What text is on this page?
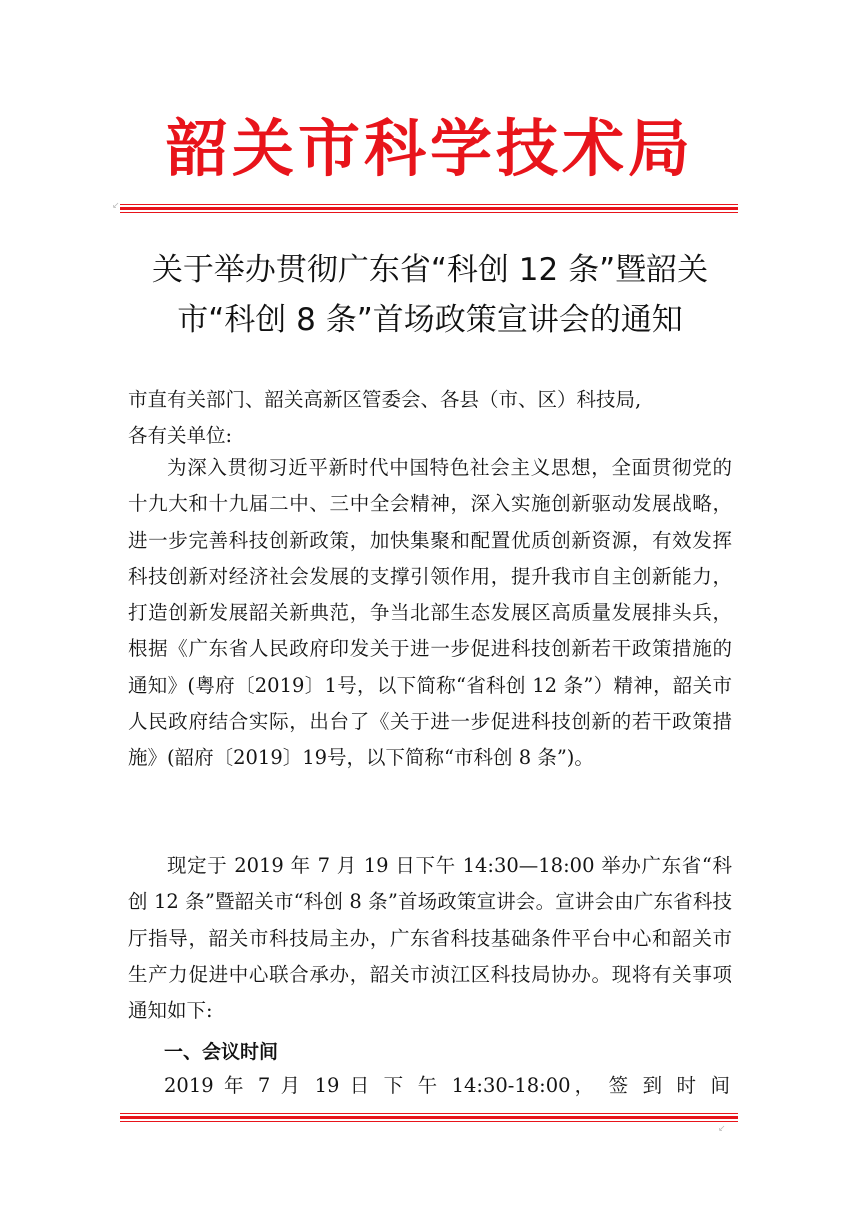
韶关市科学技术局
↙
关于举办贯彻广东省“科创 12 条”暨韶关
市“科创 8 条”首场政策宣讲会的通知
市直有关部门、韶关高新区管委会、各县（市、区）科技局,
各有关单位:
为深入贯彻习近平新时代中国特色社会主义思想，全面贯彻党的十九大和十九届二中、三中全会精神，深入实施创新驱动发展战略，进一步完善科技创新政策，加快集聚和配置优质创新资源，有效发挥科技创新对经济社会发展的支撑引领作用，提升我市自主创新能力，打造创新发展韶关新典范，争当北部生态发展区高质量发展排头兵，根据《广东省人民政府印发关于进一步促进科技创新若干政策措施的通知》(粤府〔2019〕1号，以下简称“省科创 12 条”）精神，韶关市人民政府结合实际，出台了《关于进一步促进科技创新的若干政策措施》(韶府〔2019〕19号，以下简称“市科创 8 条”)。
现定于 2019 年 7 月 19 日下午 14:30—18:00 举办广东省“科创 12 条”暨韶关市“科创 8 条”首场政策宣讲会。宣讲会由广东省科技厅指导，韶关市科技局主办，广东省科技基础条件平台中心和韶关市生产力促进中心联合承办，韶关市浈江区科技局协办。现将有关事项通知如下:
一、会议时间
2019 年 7 月 19 日 下 午 14:30-18:00， 签 到 时 间
↙
